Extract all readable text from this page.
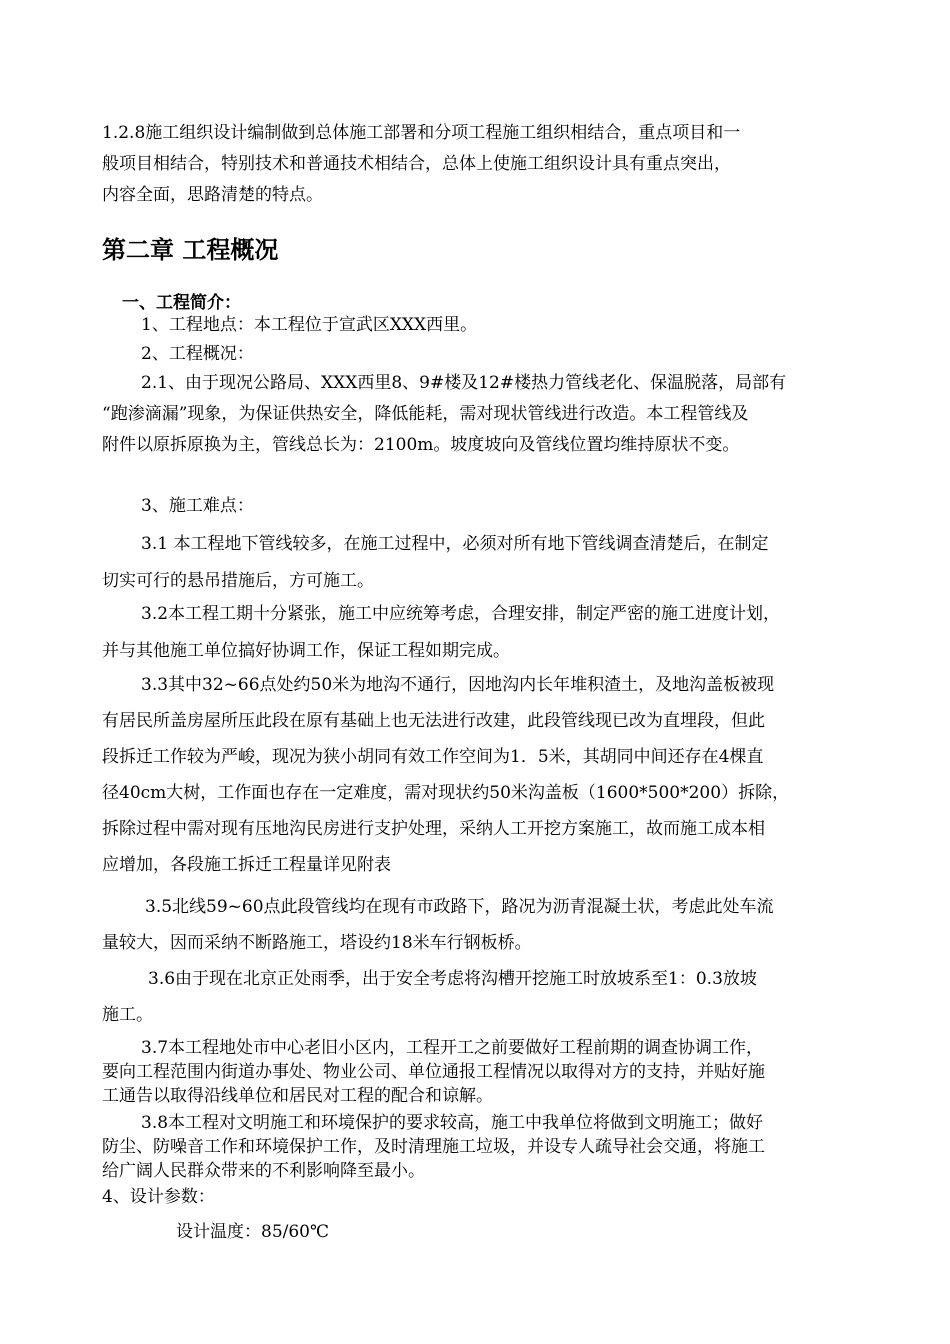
1.2.8施工组织设计编制做到总体施工部署和分项工程施工组织相结合，重点项目和一
般项目相结合，特别技术和普通技术相结合，总体上使施工组织设计具有重点突出，
内容全面，思路清楚的特点。

第二章 工程概况
一、工程简介：

1、工程地点：本工程位于宣武区XXX西里。

2、工程概况：

2.1、由于现况公路局、XXX西里8、9#楼及12#楼热力管线老化、保温脱落，局部有
“跑渗滴漏”现象，为保证供热安全，降低能耗，需对现状管线进行改造。本工程管线及
附件以原拆原换为主，管线总长为：2100m。坡度坡向及管线位置均维持原状不变。

3、施工难点：

3.1 本工程地下管线较多，在施工过程中，必须对所有地下管线调查清楚后，在制定
切实可行的悬吊措施后，方可施工。

3.2本工程工期十分紧张，施工中应统筹考虑，合理安排，制定严密的施工进度计划，
并与其他施工单位搞好协调工作，保证工程如期完成。

3.3其中32~66点处约50米为地沟不通行，因地沟内长年堆积渣土，及地沟盖板被现
有居民所盖房屋所压此段在原有基础上也无法进行改建，此段管线现已改为直埋段，但此
段拆迁工作较为严峻，现况为狭小胡同有效工作空间为1．5米，其胡同中间还存在4棵直
径40cm大树，工作面也存在一定难度，需对现状约50米沟盖板（1600*500*200）拆除，
拆除过程中需对现有压地沟民房进行支护处理，采纳人工开挖方案施工，故而施工成本相
应增加，各段施工拆迁工程量详见附表

3.5北线59~60点此段管线均在现有市政路下，路况为沥青混凝土状，考虑此处车流
量较大，因而采纳不断路施工，塔设约18米车行钢板桥。

3.6由于现在北京正处雨季，出于安全考虑将沟槽开挖施工时放坡系至1：0.3放坡
施工。

3.7本工程地处市中心老旧小区内，工程开工之前要做好工程前期的调查协调工作，
要向工程范围内街道办事处、物业公司、单位通报工程情况以取得对方的支持，并贴好施
工通告以取得沿线单位和居民对工程的配合和谅解。

3.8本工程对文明施工和环境保护的要求较高，施工中我单位将做到文明施工；做好
防尘、防噪音工作和环境保护工作，及时清理施工垃圾，并设专人疏导社会交通，将施工
给广阔人民群众带来的不利影响降至最小。

4、设计参数：

设计温度：85/60℃
